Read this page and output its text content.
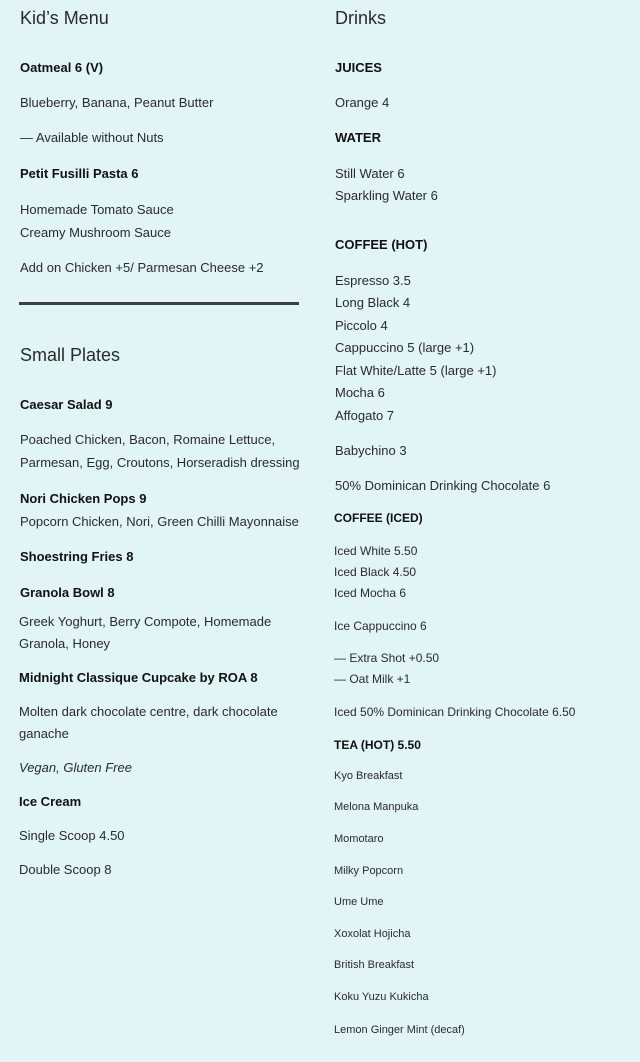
Kid’s Menu
Oatmeal 6 (V)
Blueberry, Banana, Peanut Butter
— Available without Nuts
Petit Fusilli Pasta 6
Homemade Tomato Sauce
Creamy Mushroom Sauce
Add on Chicken +5/ Parmesan Cheese +2
Small Plates
Caesar Salad 9
Poached Chicken, Bacon, Romaine Lettuce,
Parmesan, Egg, Croutons, Horseradish dressing
Nori Chicken Pops 9
Popcorn Chicken, Nori, Green Chilli Mayonnaise
Shoestring Fries 8
Granola Bowl 8
Greek Yoghurt, Berry Compote, Homemade
Granola, Honey
Midnight Classique Cupcake by ROA 8
Molten dark chocolate centre, dark chocolate
ganache
Vegan, Gluten Free
Ice Cream
Single Scoop 4.50
Double Scoop 8
Drinks
JUICES
Orange 4
WATER
Still Water 6
Sparkling Water 6
COFFEE (HOT)
Espresso 3.5
Long Black 4
Piccolo 4
Cappuccino 5 (large +1)
Flat White/Latte 5 (large +1)
Mocha 6
Affogato 7
Babychino 3
50% Dominican Drinking Chocolate 6
COFFEE (ICED)
Iced White 5.50
Iced Black 4.50
Iced Mocha 6
Ice Cappuccino 6
— Extra Shot +0.50
— Oat Milk +1
Iced 50% Dominican Drinking Chocolate 6.50
TEA (HOT) 5.50
Kyo Breakfast
Melona Manpuka
Momotaro
Milky Popcorn
Ume Ume
Xoxolat Hojicha
British Breakfast
Koku Yuzu Kukicha
Lemon Ginger Mint (decaf)
